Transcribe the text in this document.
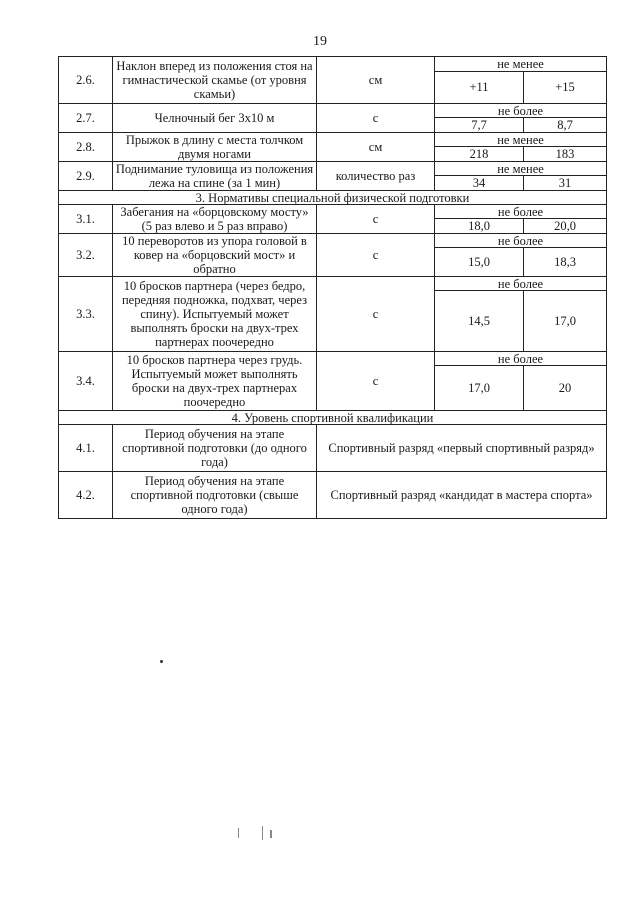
19
2.6.	Наклон вперед из положения стоя на гимнастической скамье (от уровня скамьи)	см	не менее	
			+11	+15
2.7.	Челночный бег 3х10 м	с	не более	
			7,7	8,7
2.8.	Прыжок в длину с места толчком двумя ногами	см	не менее	
			218	183
2.9.	Поднимание туловища из положения лежа на спине (за 1 мин)	количество раз	не менее	
			34	31
3. Нормативы специальной физической подготовки				
3.1.	Забегания на «борцовскому мосту» (5 раз влево и 5 раз вправо)	с	не более	
			18,0	20,0
3.2.	10 переворотов из упора головой в ковер на «борцовский мост» и обратно	с	не более	
			15,0	18,3
3.3.	10 бросков партнера (через бедро, передняя подножка, подхват, через спину). Испытуемый может выполнять броски на двух-трех партнерах поочередно	с	не более	
			14,5	17,0
3.4.	10 бросков партнера через грудь. Испытуемый может выполнять броски на двух-трех партнерах поочередно	с	не более	
			17,0	20
4. Уровень спортивной квалификации				
4.1.	Период обучения на этапе спортивной подготовки (до одного года)	Спортивный разряд «первый спортивный разряд»		
4.2.	Период обучения на этапе спортивной подготовки (свыше одного года)	Спортивный разряд «кандидат в мастера спорта»		
